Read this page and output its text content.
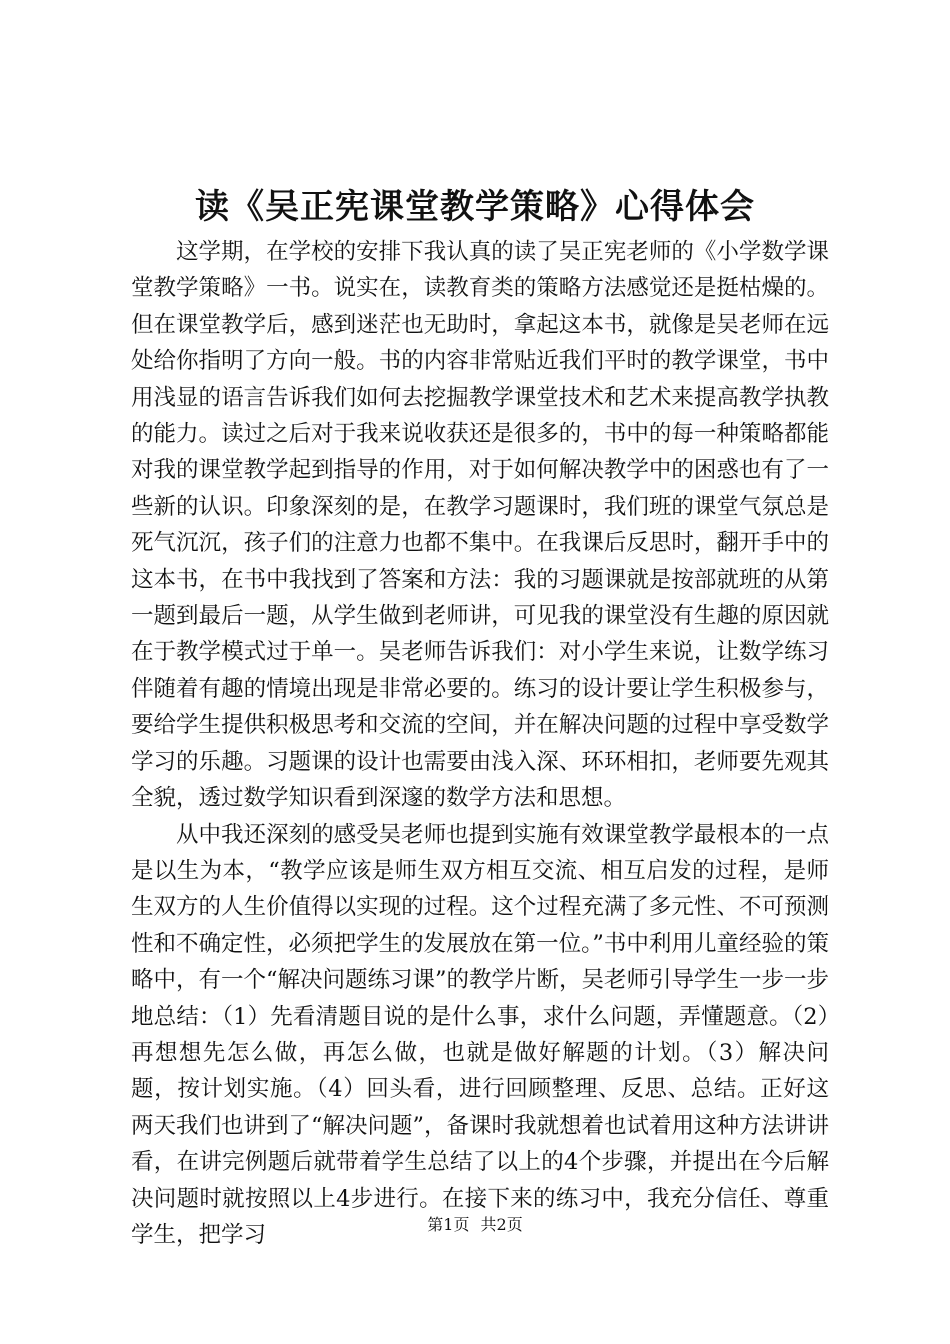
读《吴正宪课堂教学策略》心得体会

这学期，在学校的安排下我认真的读了吴正宪老师的《小学数学课堂教学策略》一书。说实在，读教育类的策略方法感觉还是挺枯燥的。但在课堂教学后，感到迷茫也无助时，拿起这本书，就像是吴老师在远处给你指明了方向一般。书的内容非常贴近我们平时的教学课堂，书中用浅显的语言告诉我们如何去挖掘教学课堂技术和艺术来提高教学执教的能力。读过之后对于我来说收获还是很多的，书中的每一种策略都能对我的课堂教学起到指导的作用，对于如何解决教学中的困惑也有了一些新的认识。印象深刻的是，在教学习题课时，我们班的课堂气氛总是死气沉沉，孩子们的注意力也都不集中。在我课后反思时，翻开手中的这本书，在书中我找到了答案和方法：我的习题课就是按部就班的从第一题到最后一题，从学生做到老师讲，可见我的课堂没有生趣的原因就在于教学模式过于单一。吴老师告诉我们：对小学生来说，让数学练习伴随着有趣的情境出现是非常必要的。练习的设计要让学生积极参与，要给学生提供积极思考和交流的空间，并在解决问题的过程中享受数学学习的乐趣。习题课的设计也需要由浅入深、环环相扣，老师要先观其全貌，透过数学知识看到深邃的数学方法和思想。

从中我还深刻的感受吴老师也提到实施有效课堂教学最根本的一点是以生为本，“教学应该是师生双方相互交流、相互启发的过程，是师生双方的人生价值得以实现的过程。这个过程充满了多元性、不可预测性和不确定性，必须把学生的发展放在第一位。”书中利用儿童经验的策略中，有一个“解决问题练习课”的教学片断，吴老师引导学生一步一步地总结：（1）先看清题目说的是什么事，求什么问题，弄懂题意。（2）再想想先怎么做，再怎么做，也就是做好解题的计划。（3）解决问题，按计划实施。（4）回头看，进行回顾整理、反思、总结。正好这两天我们也讲到了“解决问题”，备课时我就想着也试着用这种方法讲讲看，在讲完例题后就带着学生总结了以上的4个步骤，并提出在今后解决问题时就按照以上4步进行。在接下来的练习中，我充分信任、尊重学生，把学习	第1页 共2页
